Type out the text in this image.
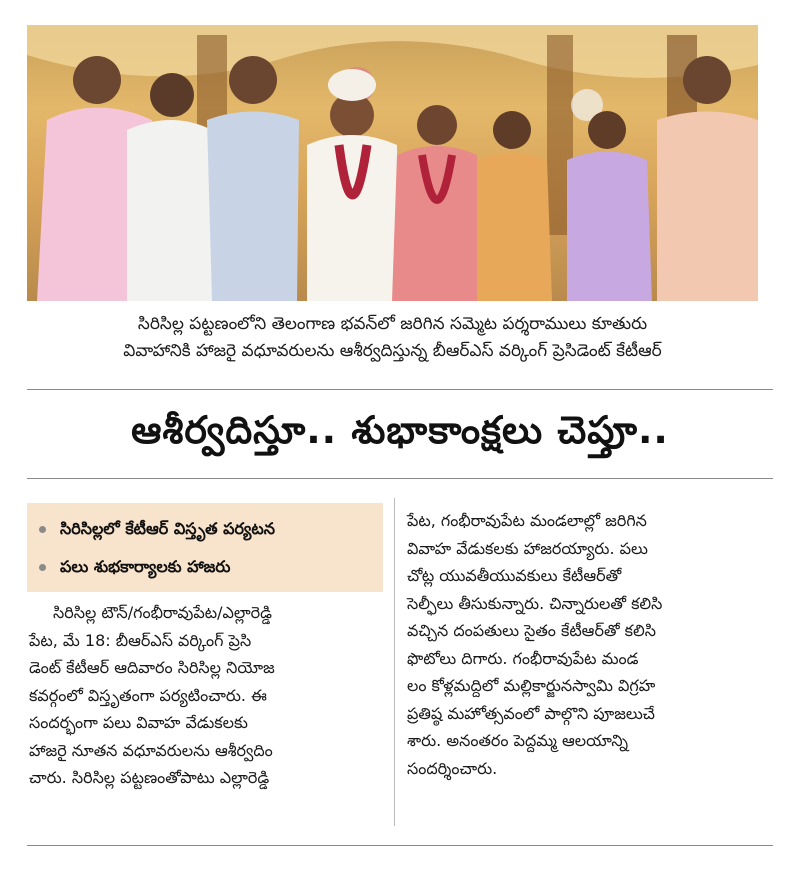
సిరిసిల్ల పట్టణంలోని తెలంగాణ భవన్‌లో జరిగిన సమ్మెట పర్శరాములు కూతురు
వివాహానికి హాజరై వధూవరులను ఆశీర్వదిస్తున్న బీఆర్‌ఎస్ వర్కింగ్ ప్రెసిడెంట్ కేటీఆర్
ఆశీర్వదిస్తూ.. శుభాకాంక్షలు చెప్తూ..
సిరిసిల్లలో కేటీఆర్ విస్తృత పర్యటన
పలు శుభకార్యాలకు హాజరు
సిరిసిల్ల టౌన్/గంభీరావుపేట/ఎల్లారెడ్డి
పేట, మే 18: బీఆర్‌ఎస్ వర్కింగ్ ప్రెసి
డెంట్ కేటీఆర్ ఆదివారం సిరిసిల్ల నియోజ
కవర్గంలో విస్తృతంగా పర్యటించారు. ఈ
సందర్భంగా పలు వివాహ వేడుకలకు
హాజరై నూతన వధూవరులను ఆశీర్వదిం
చారు. సిరిసిల్ల పట్టణంతోపాటు ఎల్లారెడ్డి
పేట, గంభీరావుపేట మండలాల్లో జరిగిన
వివాహ వేడుకలకు హాజరయ్యారు. పలు
చోట్ల యువతీయువకులు కేటీఆర్‌తో
సెల్ఫీలు తీసుకున్నారు. చిన్నారులతో కలిసి
వచ్చిన దంపతులు సైతం కేటీఆర్‌తో కలిసి
ఫొటోలు దిగారు. గంభీరావుపేట మండ
లం కోళ్లమద్దిలో మల్లికార్జునస్వామి విగ్రహ
ప్రతిష్ఠ మహోత్సవంలో పాల్గొని పూజలుచే
శారు. అనంతరం పెద్దమ్మ ఆలయాన్ని
సందర్శించారు.
